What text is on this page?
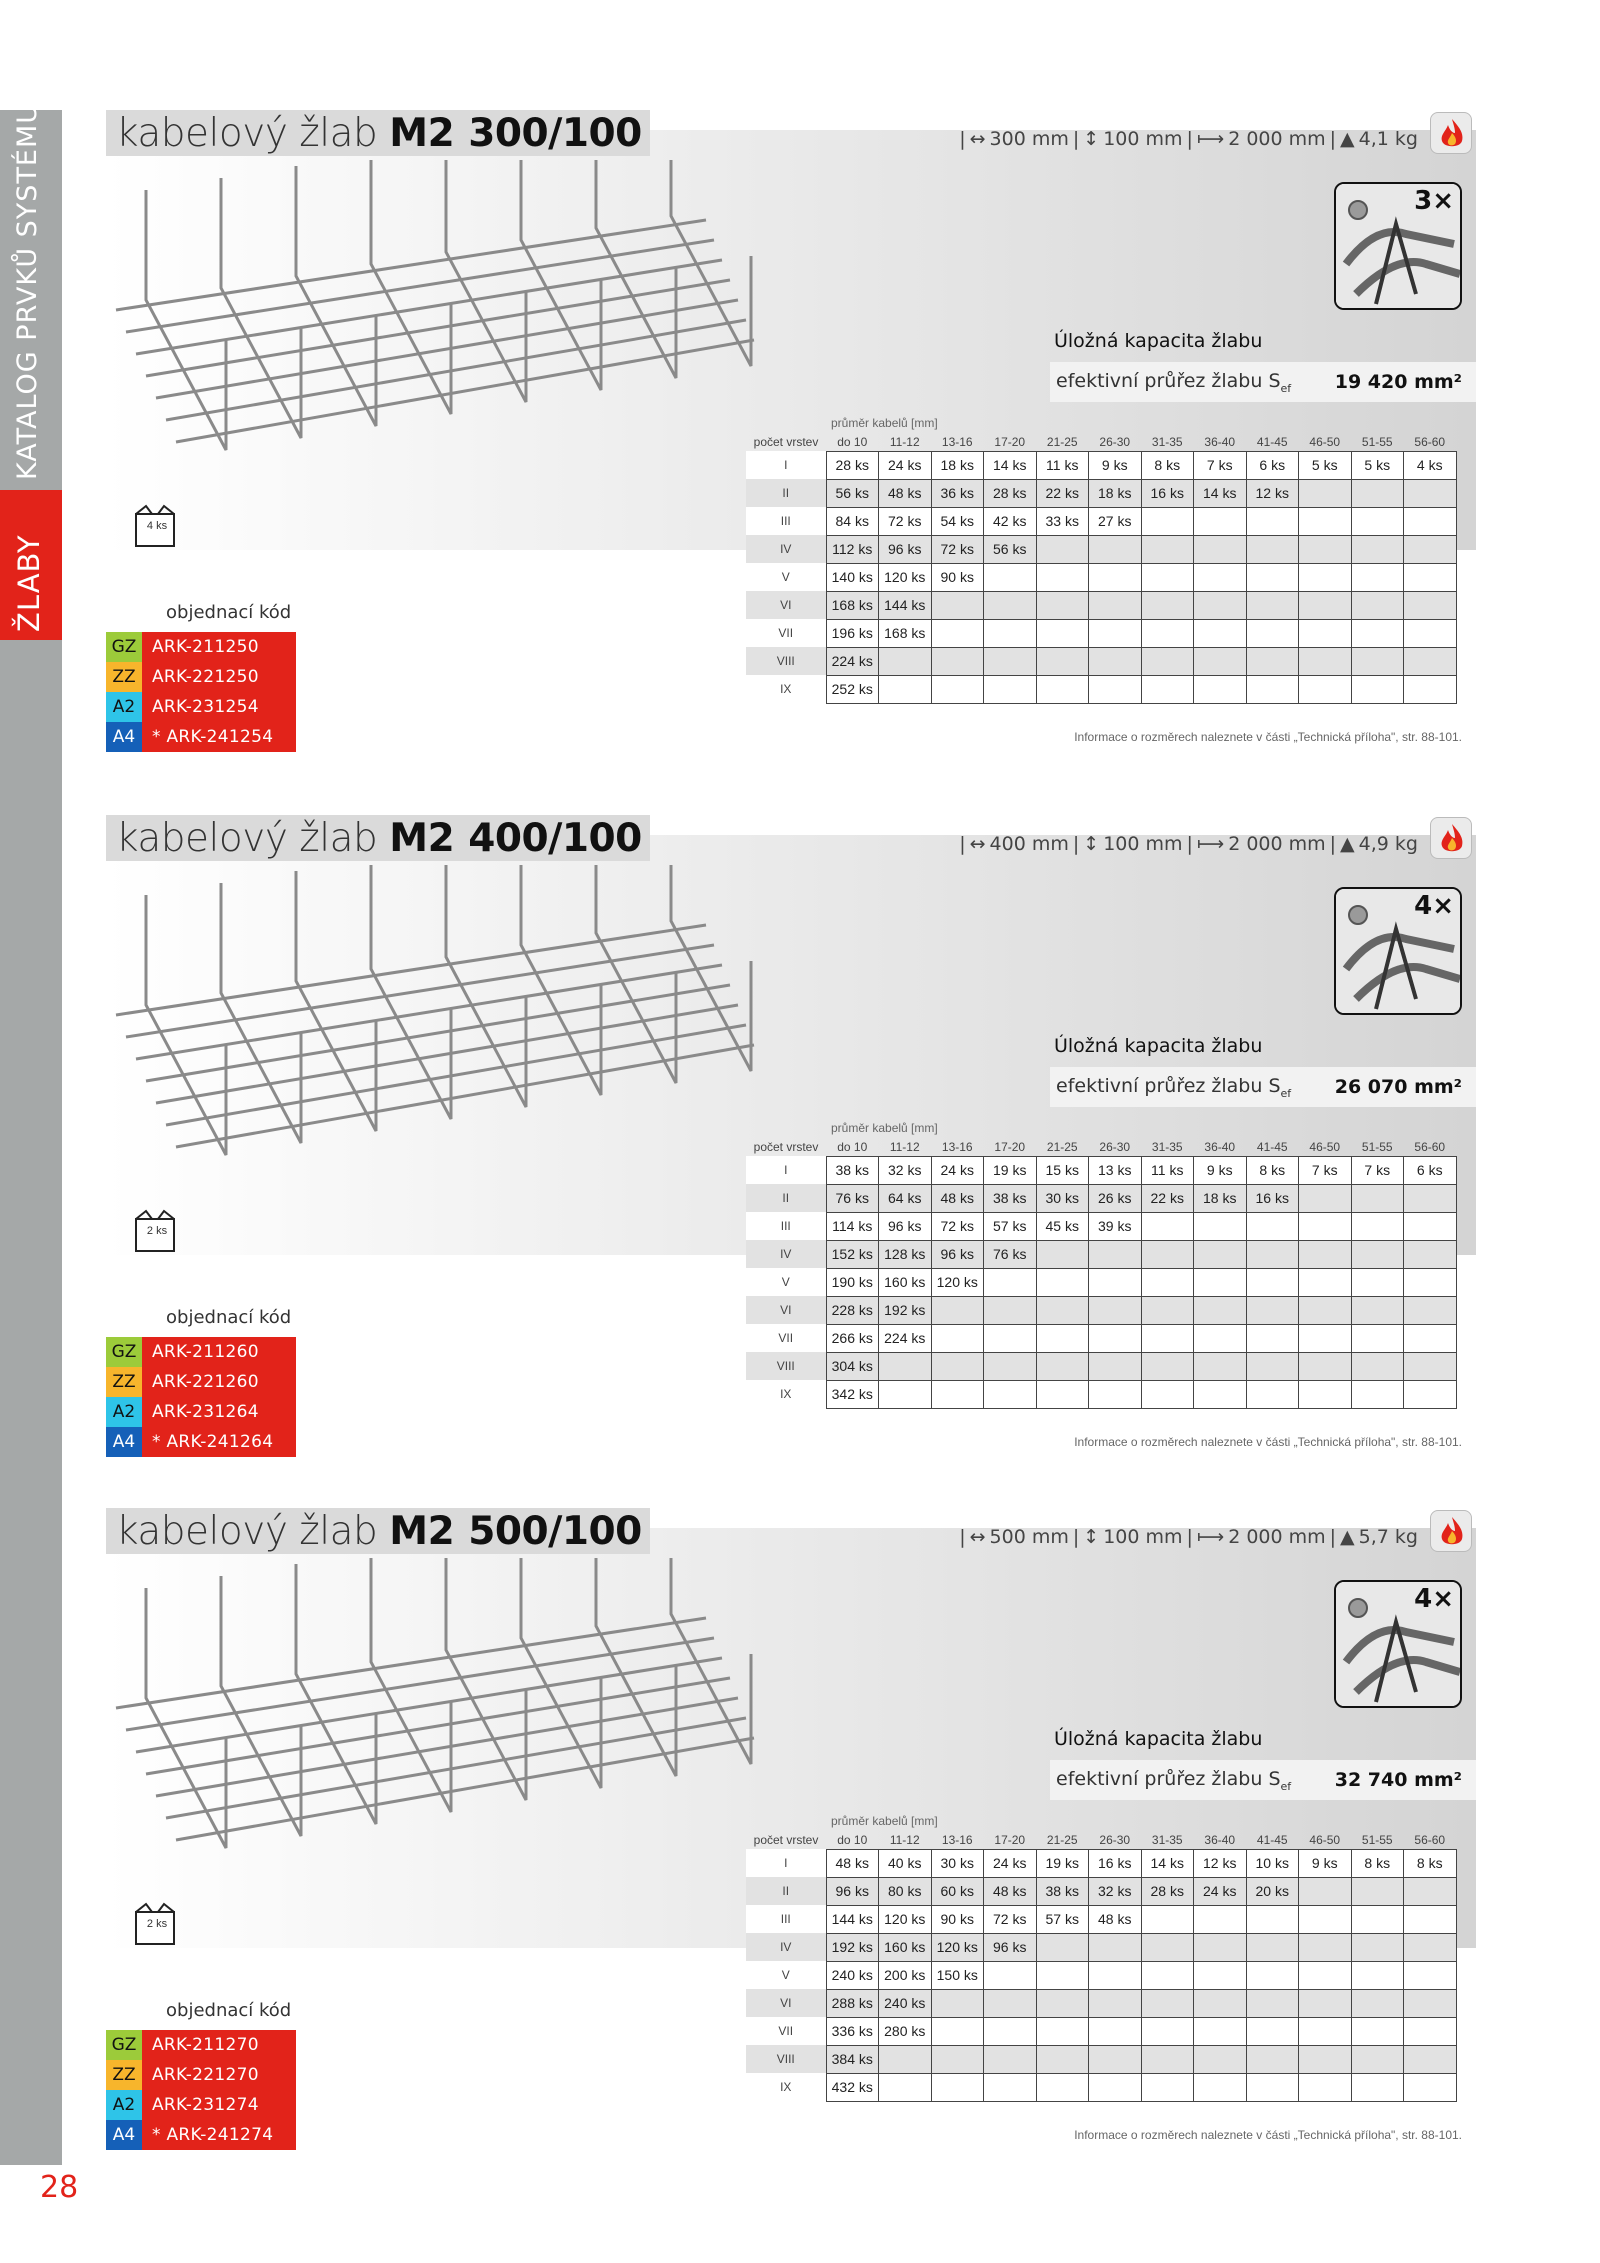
KATALOG PRVKŮ SYSTÉMU
ŽLABY
28
kabelový žlab M2 300/100	| ↔ 300 mm | ↕ 100 mm | ⟼ 2 000 mm | ▲ 4,1 kg
3×
4 ks
objednací kód
GZ ARK-211250
ZZ ARK-221250
A2 ARK-231254
A4 * ARK-241254
Úložná kapacita žlabu
efektivní průřez žlabu $S_{ef}$ 19 420 mm²
průměr kabelů [mm]
počet vrstev	do 10	11-12	13-16	17-20	21-25	26-30	31-35	36-40	41-45	46-50	51-55	56-60
I	28 ks	24 ks	18 ks	14 ks	11 ks	9 ks	8 ks	7 ks	6 ks	5 ks	5 ks	4 ks
II	56 ks	48 ks	36 ks	28 ks	22 ks	18 ks	16 ks	14 ks	12 ks			
III	84 ks	72 ks	54 ks	42 ks	33 ks	27 ks						
IV	112 ks	96 ks	72 ks	56 ks								
V	140 ks	120 ks	90 ks									
VI	168 ks	144 ks										
VII	196 ks	168 ks										
VIII	224 ks											
IX	252 ks											
Informace o rozměrech naleznete v části „Technická příloha", str. 88-101.
kabelový žlab M2 400/100	| ↔ 400 mm | ↕ 100 mm | ⟼ 2 000 mm | ▲ 4,9 kg
4×
2 ks
objednací kód
GZ ARK-211260
ZZ ARK-221260
A2 ARK-231264
A4 * ARK-241264
Úložná kapacita žlabu
efektivní průřez žlabu $S_{ef}$ 26 070 mm²
průměr kabelů [mm]
počet vrstev	do 10	11-12	13-16	17-20	21-25	26-30	31-35	36-40	41-45	46-50	51-55	56-60
I	38 ks	32 ks	24 ks	19 ks	15 ks	13 ks	11 ks	9 ks	8 ks	7 ks	7 ks	6 ks
II	76 ks	64 ks	48 ks	38 ks	30 ks	26 ks	22 ks	18 ks	16 ks			
III	114 ks	96 ks	72 ks	57 ks	45 ks	39 ks						
IV	152 ks	128 ks	96 ks	76 ks								
V	190 ks	160 ks	120 ks									
VI	228 ks	192 ks										
VII	266 ks	224 ks										
VIII	304 ks											
IX	342 ks											
Informace o rozměrech naleznete v části „Technická příloha", str. 88-101.
kabelový žlab M2 500/100	| ↔ 500 mm | ↕ 100 mm | ⟼ 2 000 mm | ▲ 5,7 kg
4×
2 ks
objednací kód
GZ ARK-211270
ZZ ARK-221270
A2 ARK-231274
A4 * ARK-241274
Úložná kapacita žlabu
efektivní průřez žlabu $S_{ef}$ 32 740 mm²
průměr kabelů [mm]
počet vrstev	do 10	11-12	13-16	17-20	21-25	26-30	31-35	36-40	41-45	46-50	51-55	56-60
I	48 ks	40 ks	30 ks	24 ks	19 ks	16 ks	14 ks	12 ks	10 ks	9 ks	8 ks	8 ks
II	96 ks	80 ks	60 ks	48 ks	38 ks	32 ks	28 ks	24 ks	20 ks			
III	144 ks	120 ks	90 ks	72 ks	57 ks	48 ks						
IV	192 ks	160 ks	120 ks	96 ks								
V	240 ks	200 ks	150 ks									
VI	288 ks	240 ks										
VII	336 ks	280 ks										
VIII	384 ks											
IX	432 ks											
Informace o rozměrech naleznete v části „Technická příloha", str. 88-101.
